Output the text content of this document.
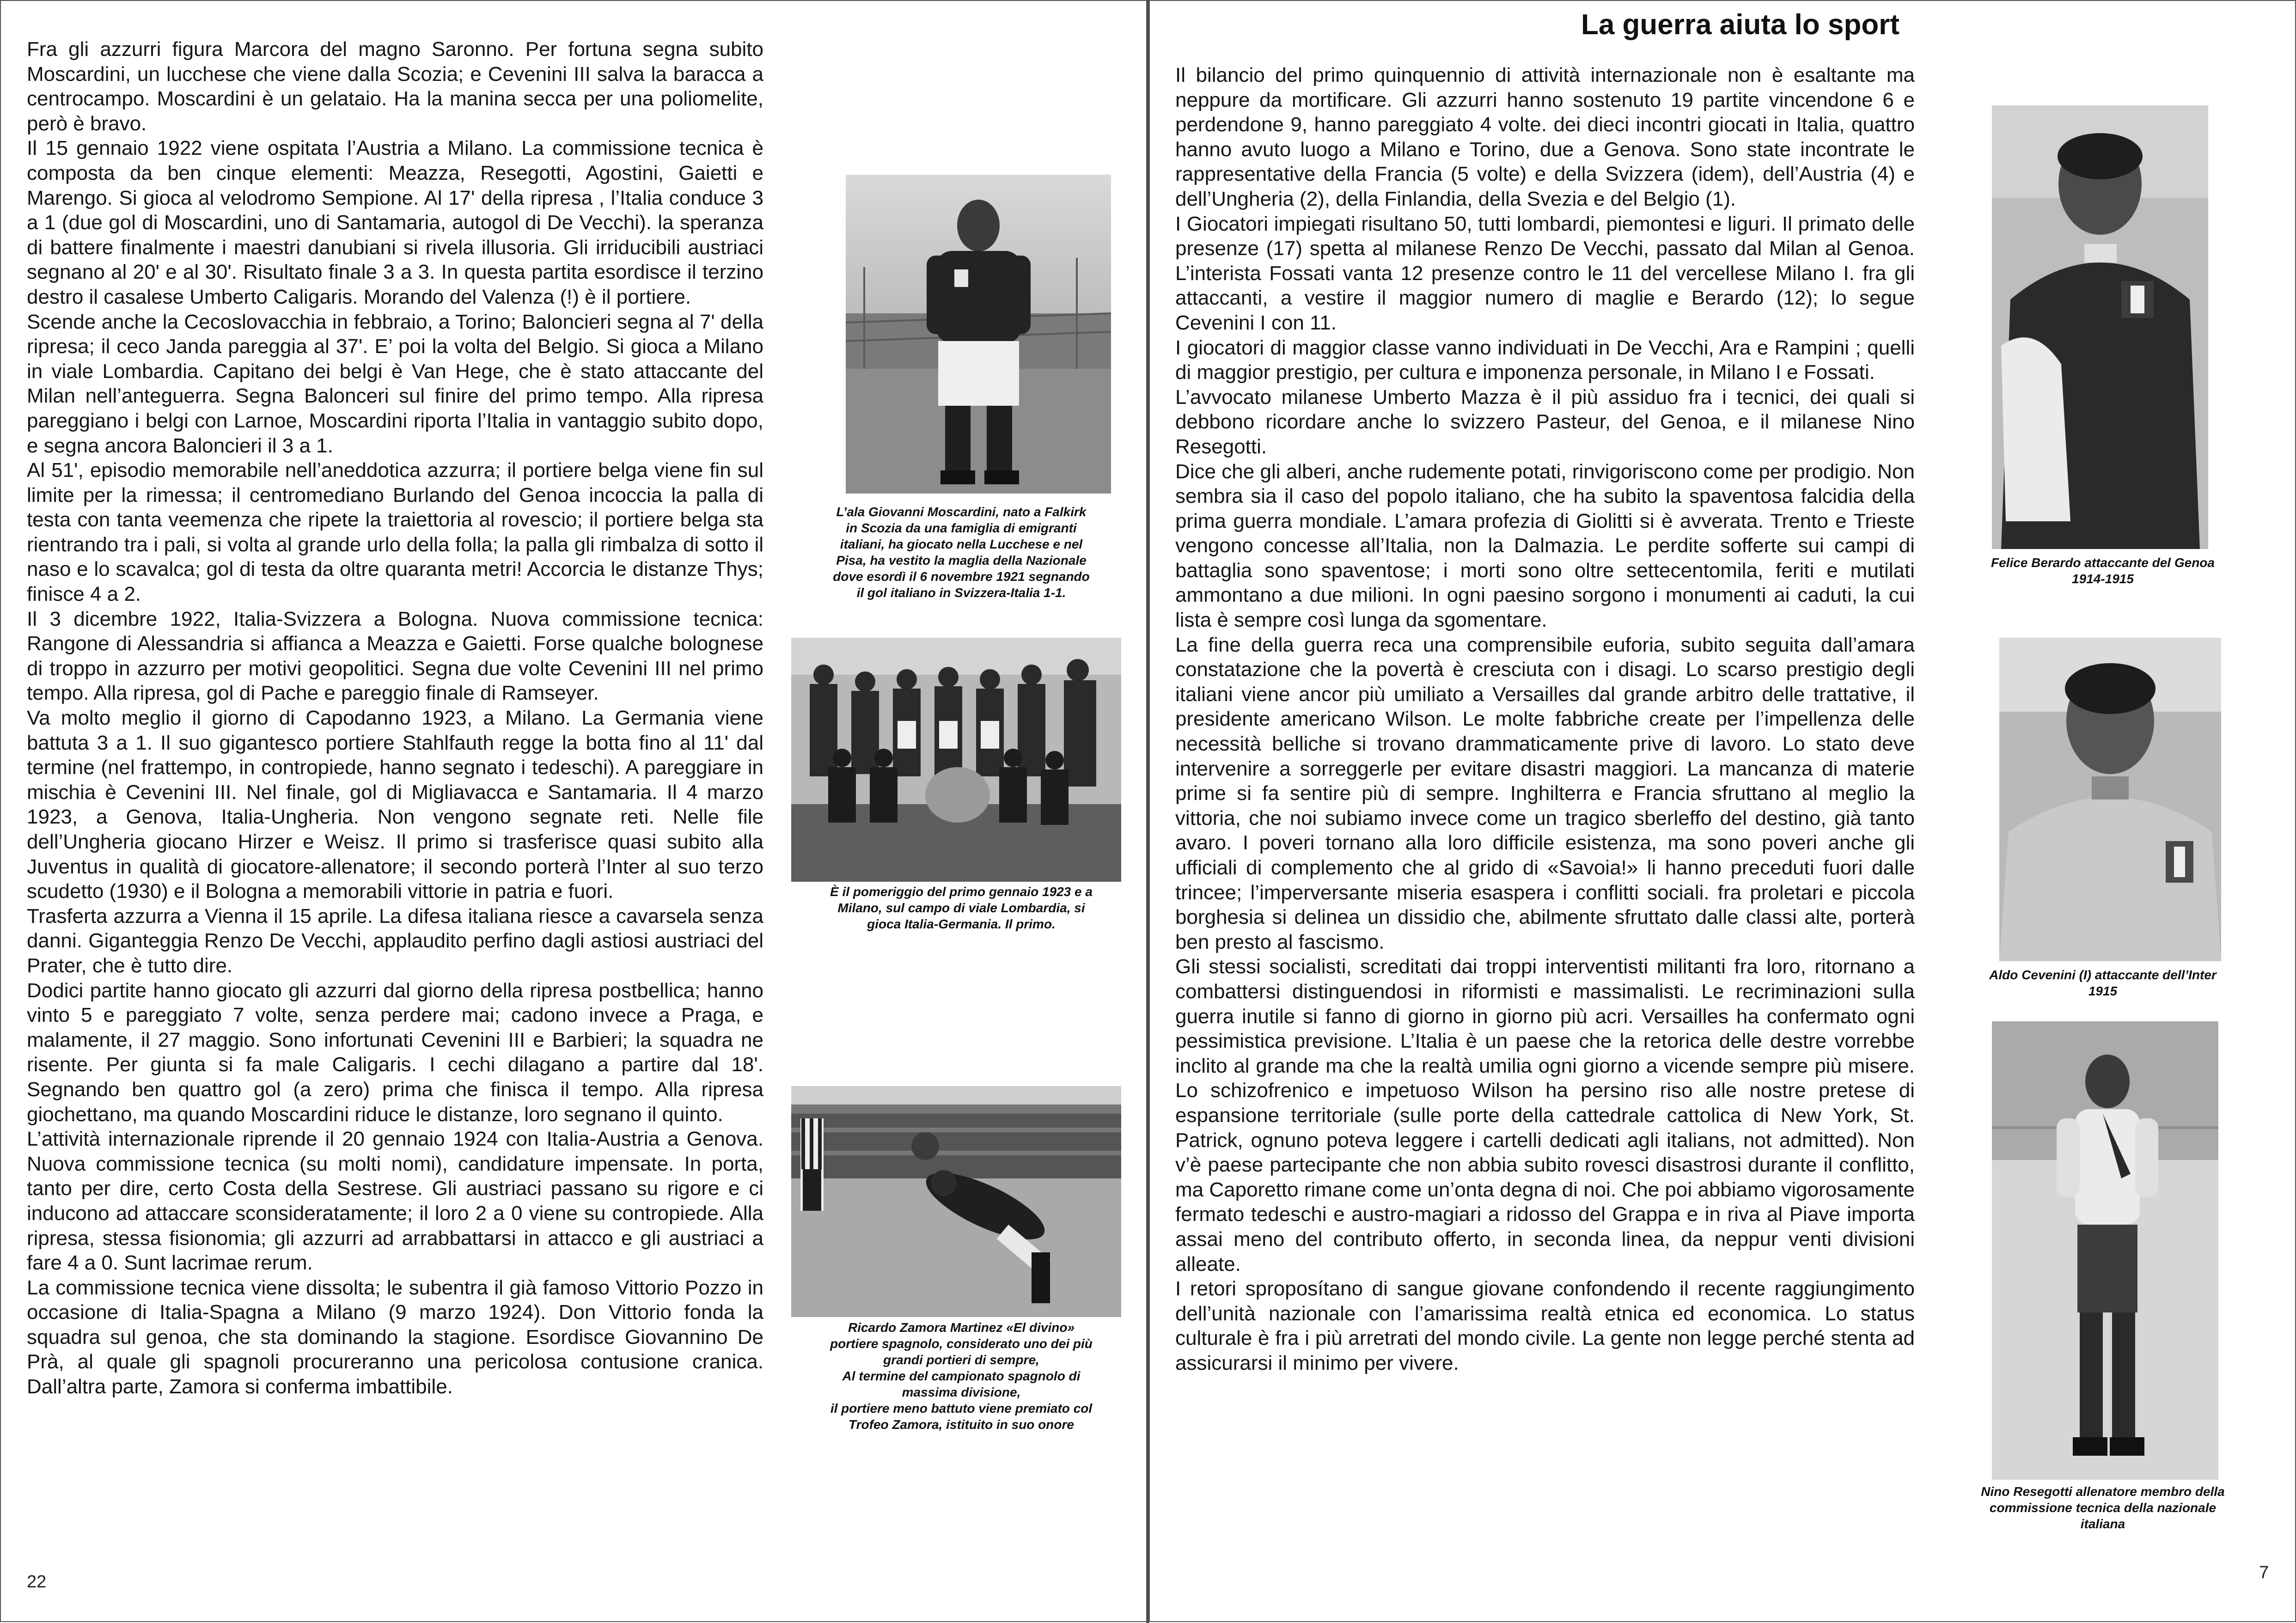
Fra gli azzurri figura Marcora del magno Saronno. Per fortuna segna subito Moscardini, un lucchese che viene dalla Scozia; e Cevenini III salva la baracca a centrocampo. Moscardini è un gelataio. Ha la manina secca per una poliomelite, però è bravo.

Il 15 gennaio 1922 viene ospitata l’Austria a Milano. La commissione tecnica è composta da ben cinque elementi: Meazza, Resegotti, Agostini, Gaietti e Marengo. Si gioca al velodromo Sempione. Al 17' della ripresa , l’Italia conduce 3 a 1 (due gol di Moscardini, uno di Santamaria, autogol di De Vecchi). la speranza di battere finalmente i maestri danubiani si rivela illusoria. Gli irriducibili austriaci segnano al 20' e al 30'. Risultato finale 3 a 3. In questa partita esordisce il terzino destro il casalese Umberto Caligaris. Morando del Valenza (!) è il portiere.

Scende anche la Cecoslovacchia in febbraio, a Torino; Baloncieri segna al 7' della ripresa; il ceco Janda pareggia al 37'. E’ poi la volta del Belgio. Si gioca a Milano in viale Lombardia. Capitano dei belgi è Van Hege, che è stato attaccante del Milan nell’anteguerra. Segna Balonceri sul finire del primo tempo. Alla ripresa pareggiano i belgi con Larnoe, Moscardini riporta l’Italia in vantaggio subito dopo, e segna ancora Baloncieri il 3 a 1.

Al 51', episodio memorabile nell’aneddotica azzurra; il portiere belga viene fin sul limite per la rimessa; il centromediano Burlando del Genoa incoccia la palla di testa con tanta veemenza che ripete la traiettoria al rovescio; il portiere belga sta rientrando tra i pali, si volta al grande urlo della folla; la palla gli rimbalza di sotto il naso e lo scavalca; gol di testa da oltre quaranta metri! Accorcia le distanze Thys; finisce 4 a 2.

Il 3 dicembre 1922, Italia-Svizzera a Bologna. Nuova commissione tecnica: Rangone di Alessandria si affianca a Meazza e Gaietti. Forse qualche bolognese di troppo in azzurro per motivi geopolitici. Segna due volte Cevenini III nel primo tempo. Alla ripresa, gol di Pache e pareggio finale di Ramseyer.

Va molto meglio il giorno di Capodanno 1923, a Milano. La Germania viene battuta 3 a 1. Il suo gigantesco portiere Stahlfauth regge la botta fino al 11' dal termine (nel frattempo, in contropiede, hanno segnato i tedeschi). A pareggiare in mischia è Cevenini III. Nel finale, gol di Migliavacca e Santamaria. Il 4 marzo 1923, a Genova, Italia-Ungheria. Non vengono segnate reti. Nelle file dell’Ungheria giocano Hirzer e Weisz. Il primo si trasferisce quasi subito alla Juventus in qualità di giocatore-allenatore; il secondo porterà l’Inter al suo terzo scudetto (1930) e il Bologna a memorabili vittorie in patria e fuori.

Trasferta azzurra a Vienna il 15 aprile. La difesa italiana riesce a cavarsela senza danni. Giganteggia Renzo De Vecchi, applaudito perfino dagli astiosi austriaci del Prater, che è tutto dire.

Dodici partite hanno giocato gli azzurri dal giorno della ripresa postbellica; hanno vinto 5 e pareggiato 7 volte, senza perdere mai; cadono invece a Praga, e malamente, il 27 maggio. Sono infortunati Cevenini III e Barbieri; la squadra ne risente. Per giunta si fa male Caligaris. I cechi dilagano a partire dal 18'. Segnando ben quattro gol (a zero) prima che finisca il tempo. Alla ripresa giochettano, ma quando Moscardini riduce le distanze, loro segnano il quinto.

L’attività internazionale riprende il 20 gennaio 1924 con Italia-Austria a Genova. Nuova commissione tecnica (su molti nomi), candidature impensate. In porta, tanto per dire, certo Costa della Sestrese. Gli austriaci passano su rigore e ci inducono ad attaccare sconsideratamente; il loro 2 a 0 viene su contropiede. Alla ripresa, stessa fisionomia; gli azzurri ad arrabbattarsi in attacco e gli austriaci a fare 4 a 0. Sunt lacrimae rerum.

La commissione tecnica viene dissolta; le subentra il già famoso Vittorio Pozzo in occasione di Italia-Spagna a Milano (9 marzo 1924). Don Vittorio fonda la squadra sul genoa, che sta dominando la stagione. Esordisce Giovannino De Prà, al quale gli spagnoli procureranno una pericolosa contusione cranica. Dall’altra parte, Zamora si conferma imbattibile.

L’ala Giovanni Moscardini, nato a Falkirk

in Scozia da una famiglia di emigranti

italiani, ha giocato nella Lucchese e nel

Pisa, ha vestito la maglia della Nazionale

dove esordì il 6 novembre 1921 segnando

il gol italiano in Svizzera-Italia 1-1.

È il pomeriggio del primo gennaio 1923 e a

Milano, sul campo di viale Lombardia, si

gioca Italia-Germania. Il primo.

Ricardo Zamora Martinez «El divino»

portiere spagnolo, considerato uno dei più

grandi portieri di sempre,

Al termine del campionato spagnolo di

massima divisione,

il portiere meno battuto viene premiato col

Trofeo Zamora, istituito in suo onore

22
La guerra aiuta lo sport

Il bilancio del primo quinquennio di attività internazionale non è esaltante ma neppure da mortificare. Gli azzurri hanno sostenuto 19 partite vincendone 6 e perdendone 9, hanno pareggiato 4 volte. dei dieci incontri giocati in Italia, quattro hanno avuto luogo a Milano e Torino, due a Genova. Sono state incontrate le rappresentative della Francia (5 volte) e della Svizzera (idem), dell’Austria (4) e dell’Ungheria (2), della Finlandia, della Svezia e del Belgio (1).

I Giocatori impiegati risultano 50, tutti lombardi, piemontesi e liguri. Il primato delle presenze (17) spetta al milanese Renzo De Vecchi, passato dal Milan al Genoa. L’interista Fossati vanta 12 presenze contro le 11 del vercellese Milano I. fra gli attaccanti, a vestire il maggior numero di maglie e Berardo (12); lo segue Cevenini I con 11.

I giocatori di maggior classe vanno individuati in De Vecchi, Ara e Rampini ; quelli di maggior prestigio, per cultura e imponenza personale, in Milano I e Fossati.

L’avvocato milanese Umberto Mazza è il più assiduo fra i tecnici, dei quali si debbono ricordare anche lo svizzero Pasteur, del Genoa, e il milanese Nino Resegotti.

Dice che gli alberi, anche rudemente potati, rinvigoriscono come per prodigio. Non sembra sia il caso del popolo italiano, che ha subito la spaventosa falcidia della prima guerra mondiale. L’amara profezia di Giolitti si è avverata. Trento e Trieste vengono concesse all’Italia, non la Dalmazia. Le perdite sofferte sui campi di battaglia sono spaventose; i morti sono oltre settecentomila, feriti e mutilati ammontano a due milioni. In ogni paesino sorgono i monumenti ai caduti, la cui lista è sempre così lunga da sgomentare.

La fine della guerra reca una comprensibile euforia, subito seguita dall’amara constatazione che la povertà è cresciuta con i disagi. Lo scarso prestigio degli italiani viene ancor più umiliato a Versailles dal grande arbitro delle trattative, il presidente americano Wilson. Le molte fabbriche create per l’impellenza delle necessità belliche si trovano drammaticamente prive di lavoro. Lo stato deve intervenire a sorreggerle per evitare disastri maggiori. La mancanza di materie prime si fa sentire più di sempre. Inghilterra e Francia sfruttano al meglio la vittoria, che noi subiamo invece come un tragico sberleffo del destino, già tanto avaro. I poveri tornano alla loro difficile esistenza, ma sono poveri anche gli ufficiali di complemento che al grido di «Savoia!» li hanno preceduti fuori dalle trincee; l’imperversante miseria esaspera i conflitti sociali. fra proletari e piccola borghesia si delinea un dissidio che, abilmente sfruttato dalle classi alte, porterà ben presto al fascismo.

Gli stessi socialisti, screditati dai troppi interventisti militanti fra loro, ritornano a combattersi distinguendosi in riformisti e massimalisti. Le recriminazioni sulla guerra inutile si fanno di giorno in giorno più acri. Versailles ha confermato ogni pessimistica previsione. L’Italia è un paese che la retorica delle destre vorrebbe inclito al grande ma che la realtà umilia ogni giorno a vicende sempre più misere. Lo schizofrenico e impetuoso Wilson ha persino riso alle nostre pretese di espansione territoriale (sulle porte della cattedrale cattolica di New York, St. Patrick, ognuno poteva leggere i cartelli dedicati agli italians, not admitted). Non v’è paese partecipante che non abbia subito rovesci disastrosi durante il conflitto, ma Caporetto rimane come un’onta degna di noi. Che poi abbiamo vigorosamente fermato tedeschi e austro-magiari a ridosso del Grappa e in riva al Piave importa assai meno del contributo offerto, in seconda linea, da neppur venti divisioni alleate.

I retori sproposítano di sangue giovane confondendo il recente raggiungimento dell’unità nazionale con l’amarissima realtà etnica ed economica. Lo status culturale è fra i più arretrati del mondo civile. La gente non legge perché stenta ad assicurarsi il minimo per vivere.

Felice Berardo attaccante del Genoa

1914-1915

Aldo Cevenini (I) attaccante dell’Inter

1915

Nino Resegotti allenatore membro della

commissione tecnica della nazionale

italiana

7
